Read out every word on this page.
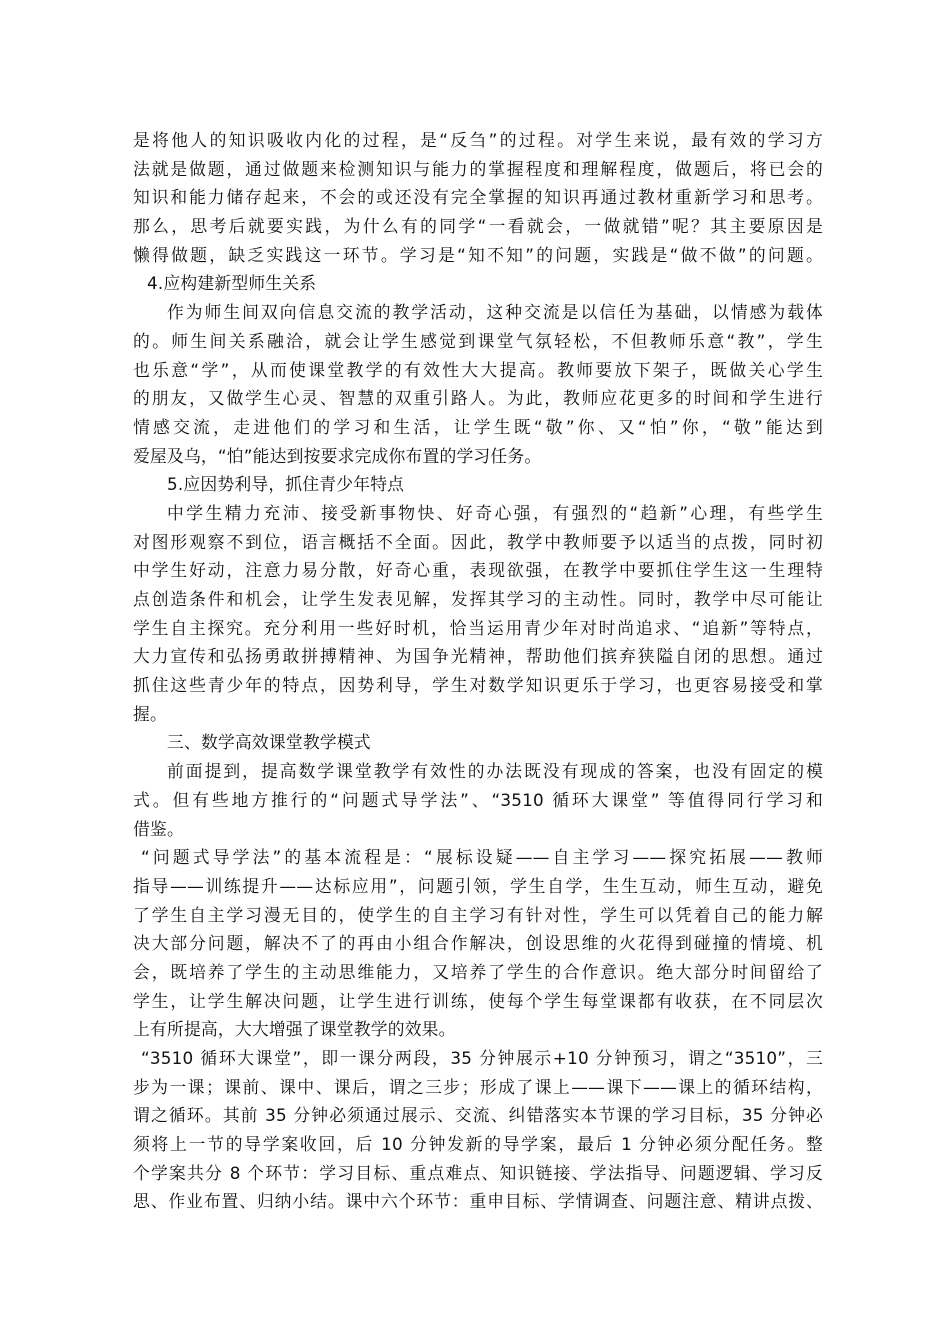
是将他人的知识吸收内化的过程，是“反刍”的过程。对学生来说，最有效的学习方
法就是做题，通过做题来检测知识与能力的掌握程度和理解程度，做题后，将已会的
知识和能力储存起来，不会的或还没有完全掌握的知识再通过教材重新学习和思考。
那么，思考后就要实践，为什么有的同学“一看就会，一做就错”呢？其主要原因是
懒得做题，缺乏实践这一环节。学习是“知不知”的问题，实践是“做不做”的问题。
4.应构建新型师生关系
作为师生间双向信息交流的教学活动，这种交流是以信任为基础，以情感为载体
的。师生间关系融洽，就会让学生感觉到课堂气氛轻松，不但教师乐意“教”，学生
也乐意“学”，从而使课堂教学的有效性大大提高。教师要放下架子，既做关心学生
的朋友，又做学生心灵、智慧的双重引路人。为此，教师应花更多的时间和学生进行
情感交流，走进他们的学习和生活，让学生既“敬”你、又“怕”你，“敬”能达到
爱屋及乌，“怕”能达到按要求完成你布置的学习任务。
5.应因势利导，抓住青少年特点
中学生精力充沛、接受新事物快、好奇心强，有强烈的“趋新”心理，有些学生
对图形观察不到位，语言概括不全面。因此，教学中教师要予以适当的点拨，同时初
中学生好动，注意力易分散，好奇心重，表现欲强，在教学中要抓住学生这一生理特
点创造条件和机会，让学生发表见解，发挥其学习的主动性。同时，教学中尽可能让
学生自主探究。充分利用一些好时机，恰当运用青少年对时尚追求、“追新”等特点，
大力宣传和弘扬勇敢拼搏精神、为国争光精神，帮助他们摈弃狭隘自闭的思想。通过
抓住这些青少年的特点，因势利导，学生对数学知识更乐于学习，也更容易接受和掌
握。
三、数学高效课堂教学模式
前面提到，提高数学课堂教学有效性的办法既没有现成的答案，也没有固定的模
式。但有些地方推行的“问题式导学法”、“3510 循环大课堂” 等值得同行学习和
借鉴。
“问题式导学法”的基本流程是：“展标设疑——自主学习——探究拓展——教师
指导——训练提升——达标应用”，问题引领，学生自学，生生互动，师生互动，避免
了学生自主学习漫无目的，使学生的自主学习有针对性，学生可以凭着自己的能力解
决大部分问题，解决不了的再由小组合作解决，创设思维的火花得到碰撞的情境、机
会，既培养了学生的主动思维能力，又培养了学生的合作意识。绝大部分时间留给了
学生，让学生解决问题，让学生进行训练，使每个学生每堂课都有收获，在不同层次
上有所提高，大大增强了课堂教学的效果。
“3510 循环大课堂”，即一课分两段，35 分钟展示+10 分钟预习，谓之“3510”，三
步为一课；课前、课中、课后，谓之三步；形成了课上——课下——课上的循环结构，
谓之循环。其前 35 分钟必须通过展示、交流、纠错落实本节课的学习目标，35 分钟必
须将上一节的导学案收回，后 10 分钟发新的导学案，最后 1 分钟必须分配任务。整
个学案共分 8 个环节：学习目标、重点难点、知识链接、学法指导、问题逻辑、学习反
思、作业布置、归纳小结。课中六个环节：重申目标、学情调查、问题注意、精讲点拨、
